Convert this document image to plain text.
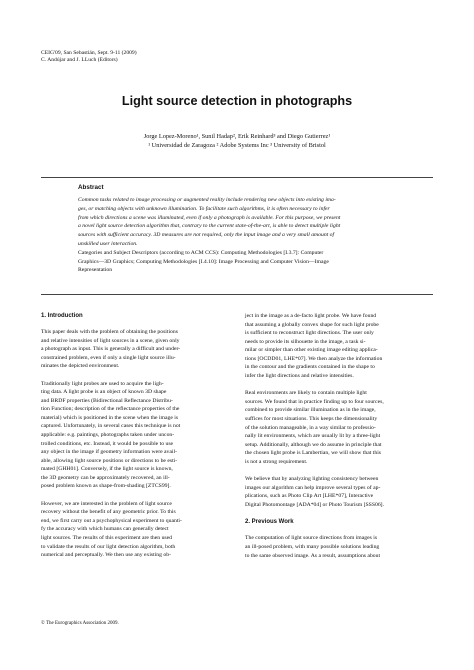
CEIG'09, San Sebastián, Sept. 9-11 (2009)
C. Andújar and J. LLuch (Editors)
Light source detection in photographs
Jorge Lopez-Moreno¹, Sunil Hadap², Erik Reinhard³ and Diego Gutierrez¹
¹ Universidad de Zaragoza ² Adobe Systems Inc ³ University of Bristol
Abstract
Common tasks related to image processing or augmented reality include rendering new objects into existing ima-
ges, or matching objects with unknown illumination. To facilitate such algorithms, it is often necessary to infer
from which directions a scene was illuminated, even if only a photograph is available. For this purpose, we present
a novel light source detection algorithm that, contrary to the current state-of-the-art, is able to detect multiple light
sources with sufficient accuracy. 3D measures are not required, only the input image and a very small amount of
unskilled user interaction.
Categories and Subject Descriptors (according to ACM CCS): Computing Methodologies [I.3.7]: Computer
Graphics—3D Graphics; Computing Methodologies [I.4.10]: Image Processing and Computer Vision—Image
Representation
1. Introduction
This paper deals with the problem of obtaining the positions
and relative intensities of light sources in a scene, given only
a photograph as input. This is generally a difficult and under-
constrained problem, even if only a single light source illu-
minates the depicted environment.
Traditionally light probes are used to acquire the ligh-
ting data. A light probe is an object of known 3D shape
and BRDF properties (Bidirectional Reflectance Distribu-
tion Function; description of the reflectance properties of the
material) which is positioned in the scene when the image is
captured. Unfortunately, in several cases this technique is not
applicable: e.g. paintings, photographs taken under uncon-
trolled conditions, etc. Instead, it would be possible to use
any object in the image if geometry information were avail-
able, allowing light source positions or directions to be esti-
mated [GHH01]. Conversely, if the light source is known,
the 3D geometry can be approximately recovered, an ill-
posed problem known as shape-from-shading [ZTCS99].
However, we are interested in the problem of light source
recovery without the benefit of any geometric prior. To this
end, we first carry out a psychophysical experiment to quanti-
fy the accuracy with which humans can generally detect
light sources. The results of this experiment are then used
to validate the results of our light detection algorithm, both
numerical and perceptually. We then use any existing ob-
ject in the image as a de-facto light probe. We have found
that assuming a globally convex shape for such light probe
is sufficient to reconstruct light directions. The user only
needs to provide its silhouette in the image, a task si-
milar or simpler than other existing image editing applica-
tions [OCDD01, LHE*07]. We then analyze the information
in the contour and the gradients contained in the shape to
infer the light directions and relative intensities.
Real environments are likely to contain multiple light
sources. We found that in practice finding up to four sources,
combined to provide similar illumination as in the image,
suffices for most situations. This keeps the dimensionality
of the solution manageable, in a way similar to professio-
nally lit environments, which are usually lit by a three-light
setup. Additionally, although we do assume in principle that
the chosen light probe is Lambertian, we will show that this
is not a strong requirement.
We believe that by analyzing lighting consistency between
images our algorithm can help improve several types of ap-
plications, such as Photo Clip Art [LHE*07], Interactive
Digital Photomontage [ADA*04] or Photo Tourism [SSS06].
2. Previous Work
The computation of light source directions from images is
an ill-posed problem, with many possible solutions leading
to the same observed image. As a result, assumptions about
© The Eurographics Association 2009.
